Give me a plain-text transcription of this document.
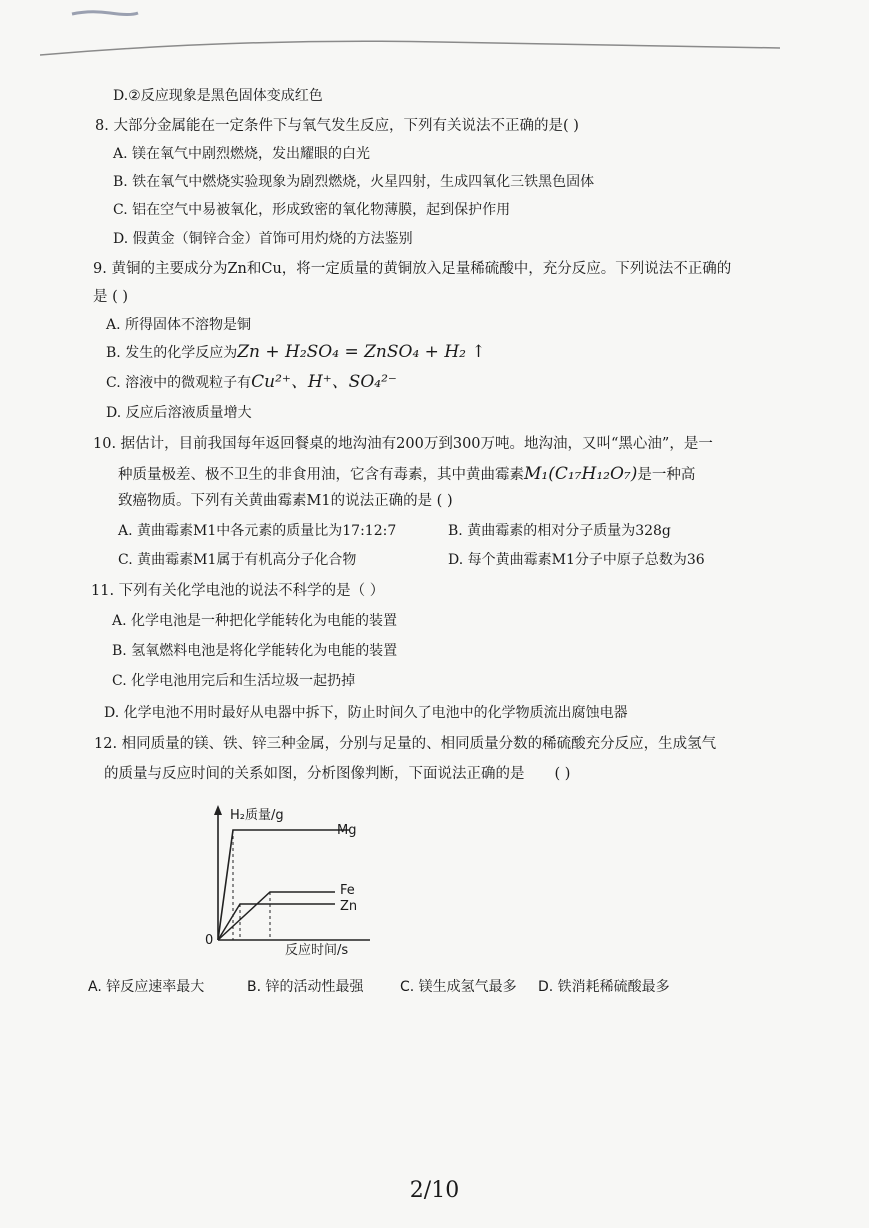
D.②反应现象是黑色固体变成红色
8. 大部分金属能在一定条件下与氧气发生反应，下列有关说法不正确的是( )
A. 镁在氧气中剧烈燃烧，发出耀眼的白光
B. 铁在氧气中燃烧实验现象为剧烈燃烧，火星四射，生成四氧化三铁黑色固体
C. 铝在空气中易被氧化，形成致密的氧化物薄膜，起到保护作用
D. 假黄金（铜锌合金）首饰可用灼烧的方法鉴别
9. 黄铜的主要成分为Zn和Cu，将一定质量的黄铜放入足量稀硫酸中，充分反应。下列说法不正确的
是 ( )
A. 所得固体不溶物是铜
B. 发生的化学反应为Zn + H₂SO₄ = ZnSO₄ + H₂ ↑
C. 溶液中的微观粒子有Cu²⁺、H⁺、SO₄²⁻
D. 反应后溶液质量增大
10. 据估计，目前我国每年返回餐桌的地沟油有200万到300万吨。地沟油，又叫“黑心油”，是一
种质量极差、极不卫生的非食用油，它含有毒素，其中黄曲霉素M₁(C₁₇H₁₂O₇)是一种高
致癌物质。下列有关黄曲霉素M1的说法正确的是 ( )
A. 黄曲霉素M1中各元素的质量比为17:12:7	B. 黄曲霉素的相对分子质量为328g
C. 黄曲霉素M1属于有机高分子化合物	D. 每个黄曲霉素M1分子中原子总数为36
11. 下列有关化学电池的说法不科学的是（ ）
A. 化学电池是一种把化学能转化为电能的装置
B. 氢氧燃料电池是将化学能转化为电能的装置
C. 化学电池用完后和生活垃圾一起扔掉
D. 化学电池不用时最好从电器中拆下，防止时间久了电池中的化学物质流出腐蚀电器
12. 相同质量的镁、铁、锌三种金属，分别与足量的、相同质量分数的稀硫酸充分反应，生成氢气
的质量与反应时间的关系如图，分析图像判断，下面说法正确的是 ( )
H₂质量/g
Mg
Fe
Zn
0
反应时间/s
A. 锌反应速率最大	B. 锌的活动性最强	C. 镁生成氢气最多 D. 铁消耗稀硫酸最多
2/10
